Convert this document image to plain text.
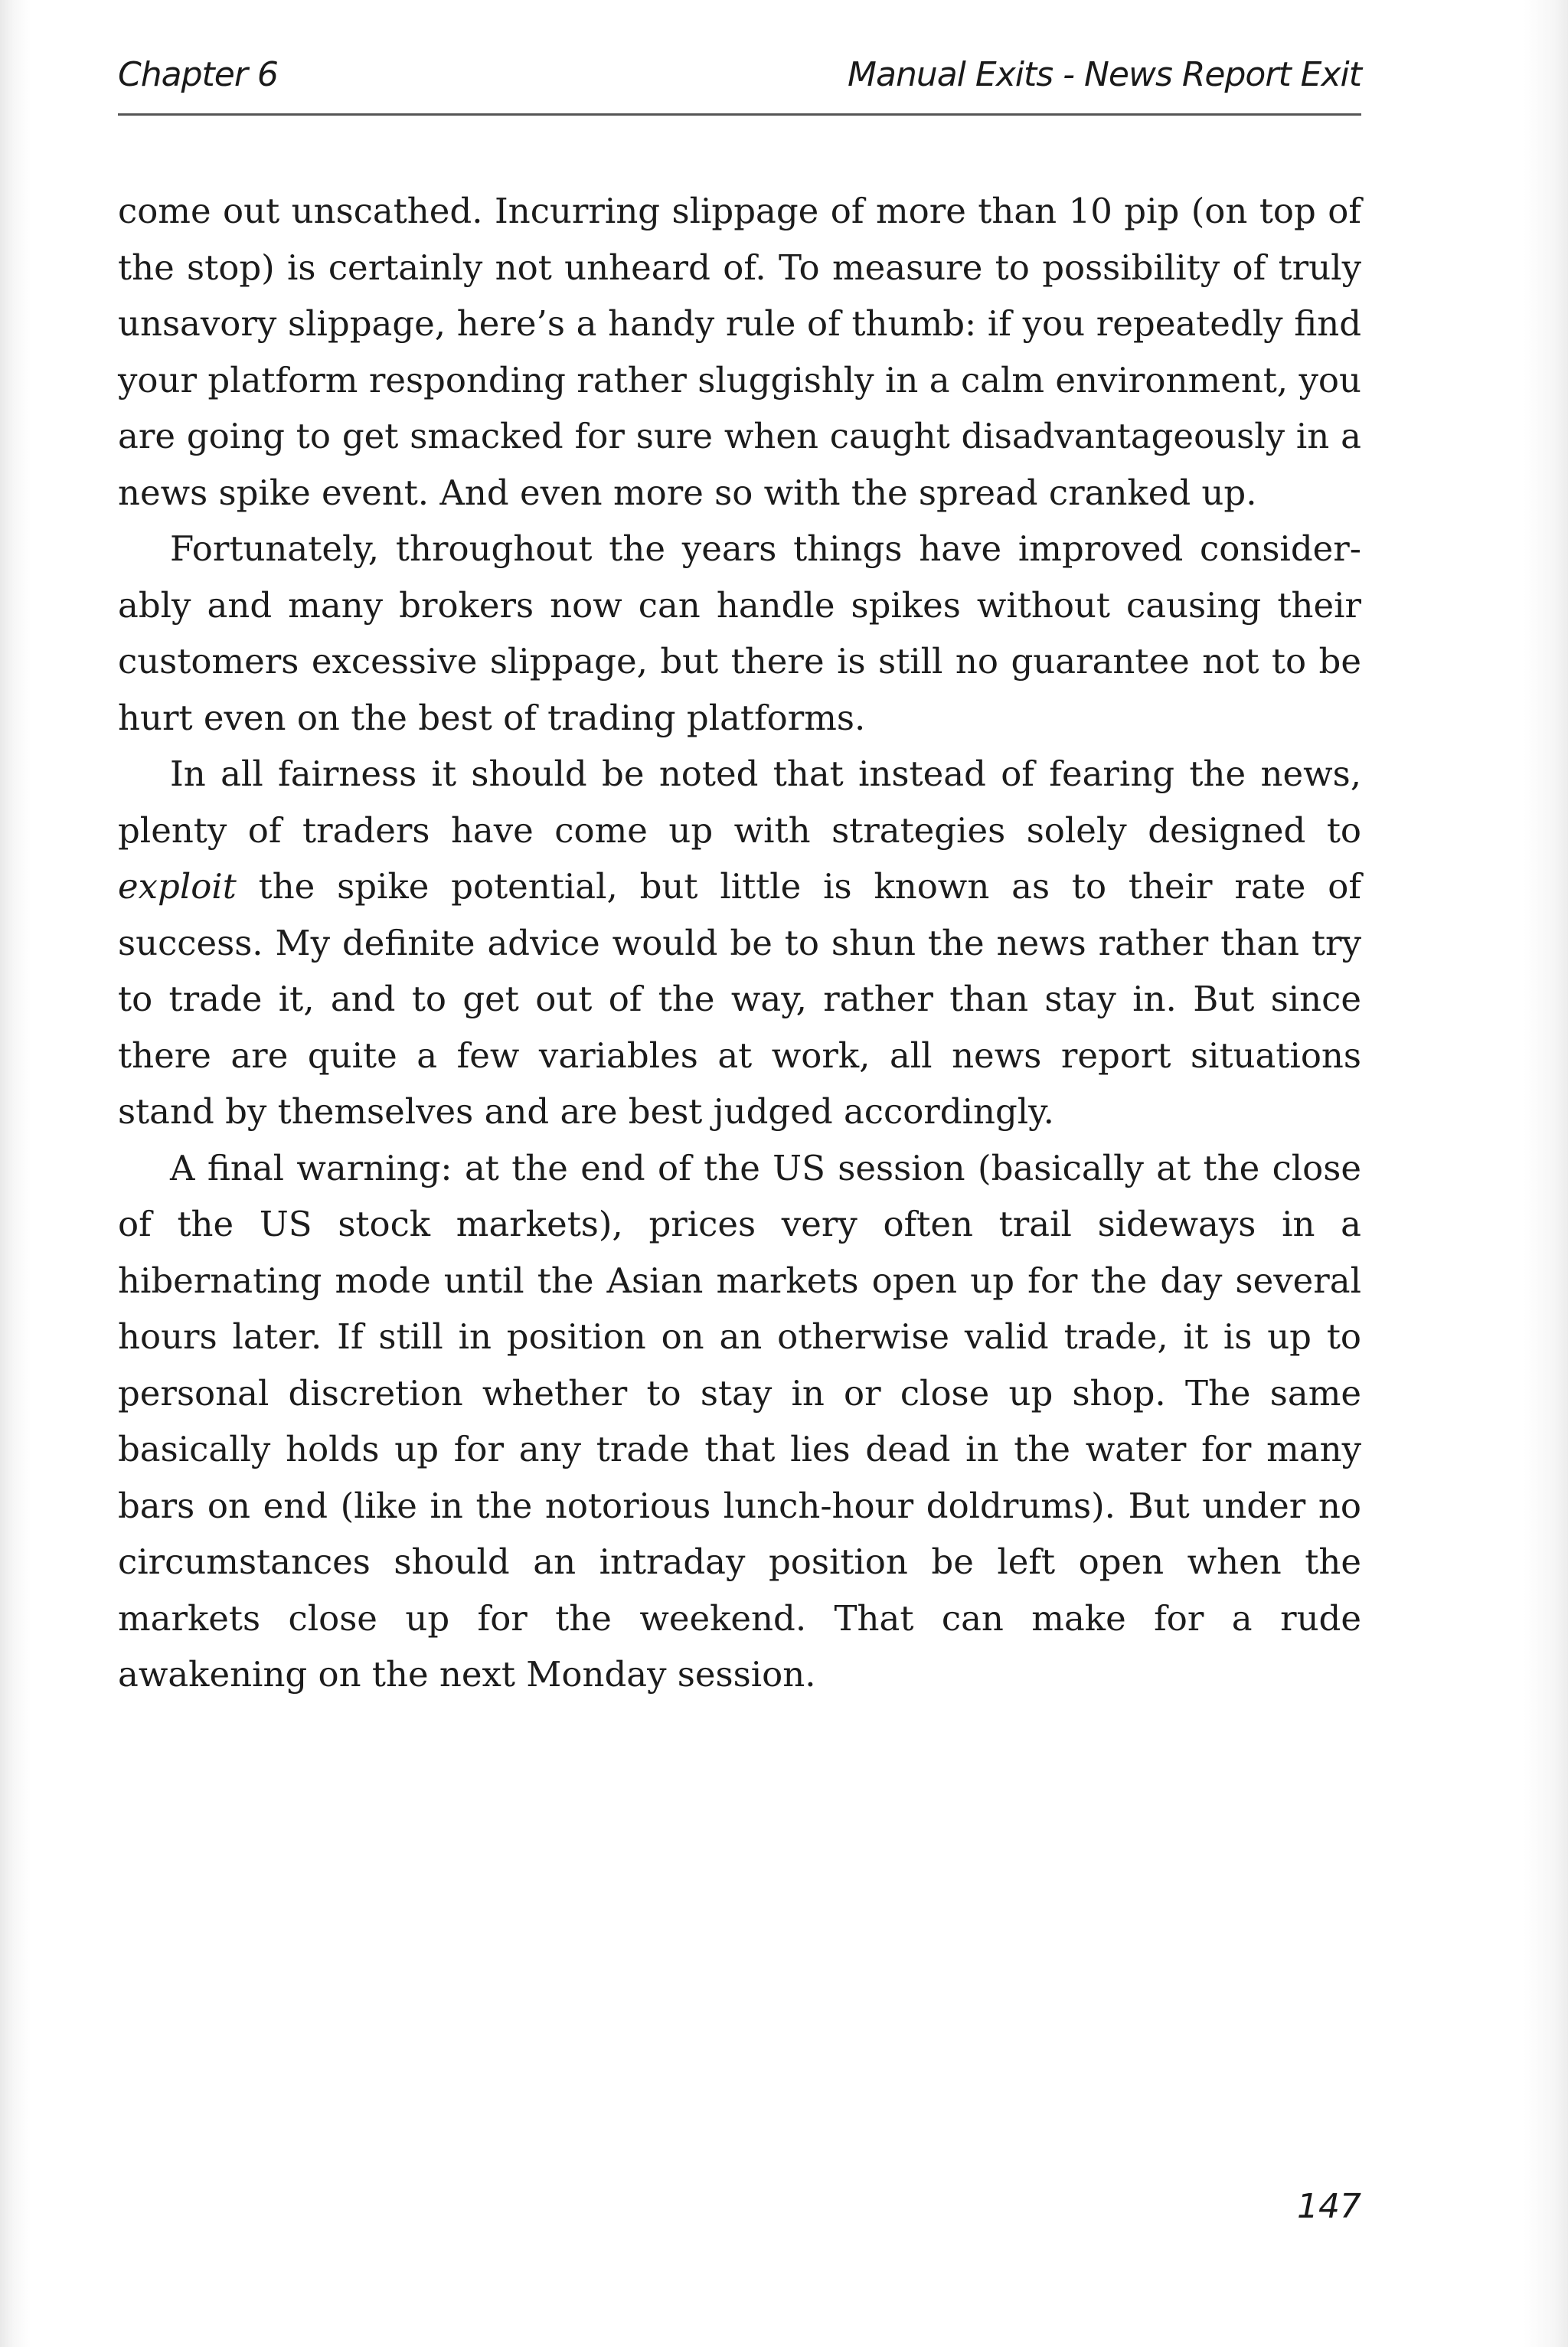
Chapter 6	Manual Exits - News Report Exit

come out unscathed. Incurring slippage of more than 10 pip (on top of the stop) is certainly not unheard of. To measure to possibility of truly unsavory slippage, here’s a handy rule of thumb: if you repeatedly find your platform responding rather sluggishly in a calm environment, you are going to get smacked for sure when caught disadvantageously in a news spike event. And even more so with the spread cranked up.

Fortunately, throughout the years things have improved considerably and many brokers now can handle spikes without causing their customers excessive slippage, but there is still no guarantee not to be hurt even on the best of trading platforms.

In all fairness it should be noted that instead of fearing the news, plenty of traders have come up with strategies solely designed to exploit the spike potential, but little is known as to their rate of success. My definite advice would be to shun the news rather than try to trade it, and to get out of the way, rather than stay in. But since there are quite a few variables at work, all news report situations stand by themselves and are best judged accordingly.

A final warning: at the end of the US session (basically at the close of the US stock markets), prices very often trail sideways in a hibernating mode until the Asian markets open up for the day several hours later. If still in position on an otherwise valid trade, it is up to personal discretion whether to stay in or close up shop. The same basically holds up for any trade that lies dead in the water for many bars on end (like in the notorious lunch-hour doldrums). But under no circumstances should an intraday position be left open when the markets close up for the weekend. That can make for a rude awakening on the next Monday session.

147
